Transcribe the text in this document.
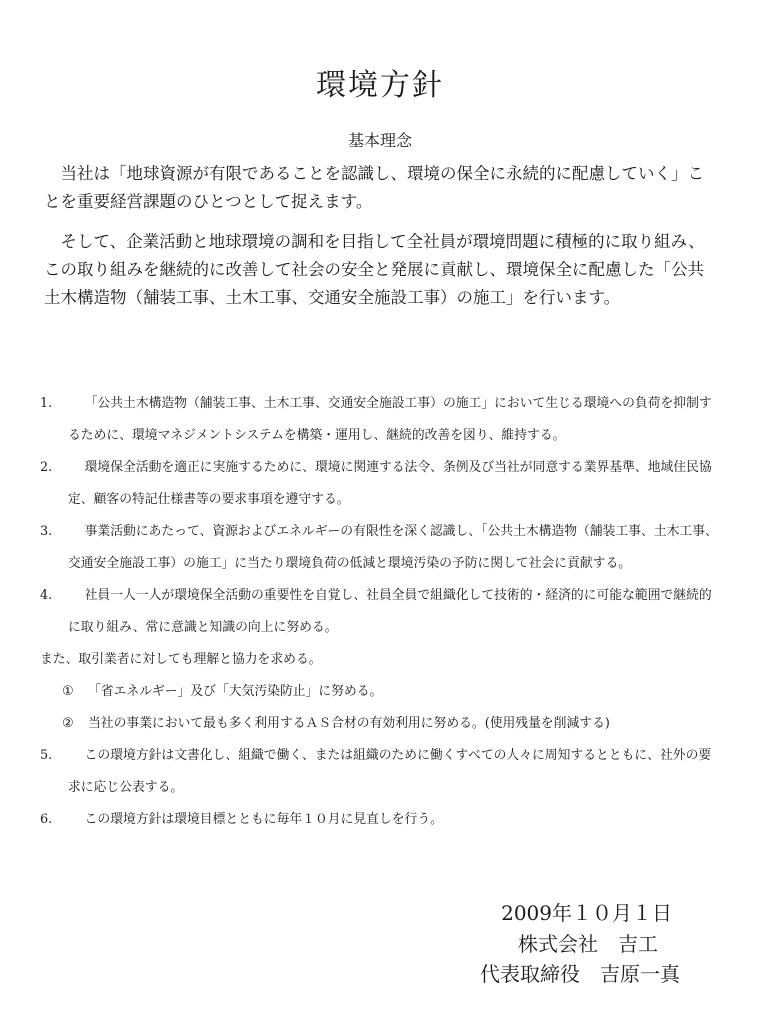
環境方針
基本理念

当社は「地球資源が有限であることを認識し、環境の保全に永続的に配慮していく」ことを重要経営課題のひとつとして捉えます。

そして、企業活動と地球環境の調和を目指して全社員が環境問題に積極的に取り組み、この取り組みを継続的に改善して社会の安全と発展に貢献し、環境保全に配慮した「公共土木構造物（舗装工事、土木工事、交通安全施設工事）の施工」を行います。

1.	「公共土木構造物（舗装工事、土木工事、交通安全施設工事）の施工」において生じる環境への負荷を抑制するために、環境マネジメントシステムを構築・運用し、継続的改善を図り、維持する。
2.	環境保全活動を適正に実施するために、環境に関連する法令、条例及び当社が同意する業界基準、地域住民協定、顧客の特記仕様書等の要求事項を遵守する。
3.	事業活動にあたって、資源およびエネルギーの有限性を深く認識し、「公共土木構造物（舗装工事、土木工事、交通安全施設工事）の施工」に当たり環境負荷の低減と環境汚染の予防に関して社会に貢献する。
4.	社員一人一人が環境保全活動の重要性を自覚し、社員全員で組織化して技術的・経済的に可能な範囲で継続的に取り組み、常に意識と知識の向上に努める。
また、取引業者に対しても理解と協力を求める。
① 「省エネルギー」及び「大気汚染防止」に努める。
② 当社の事業において最も多く利用するＡＳ合材の有効利用に努める。(使用残量を削減する)
5.	この環境方針は文書化し、組織で働く、または組織のために働くすべての人々に周知するとともに、社外の要求に応じ公表する。
6.	この環境方針は環境目標とともに毎年１０月に見直しを行う。

2009年１０月１日

株式会社　吉工

代表取締役　吉原一真
